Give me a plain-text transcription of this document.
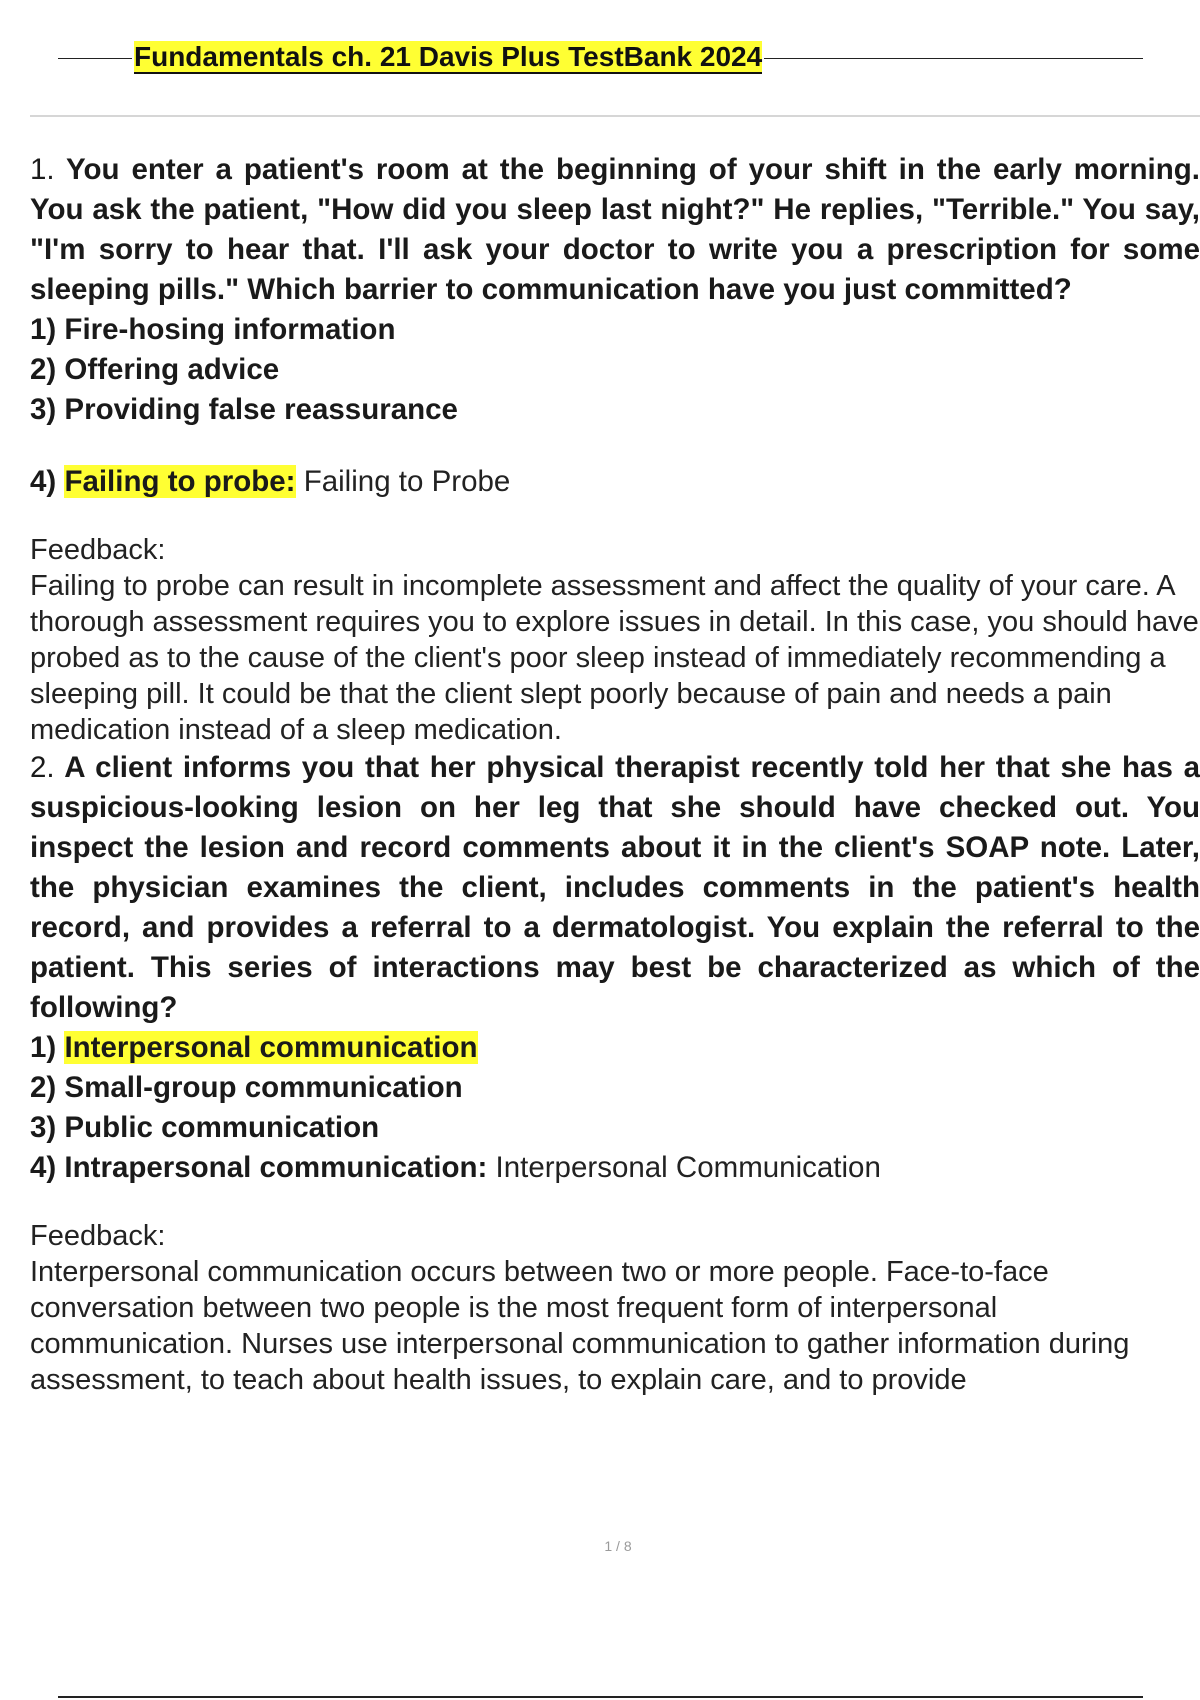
Fundamentals ch. 21 Davis Plus TestBank 2024

1. You enter a patient's room at the beginning of your shift in the early morning. You ask the patient, "How did you sleep last night?" He replies, "Terrible." You say, "I'm sorry to hear that. I'll ask your doctor to write you a prescription for some sleeping pills." Which barrier to communication have you just committed?

1) Fire-hosing information

2) Offering advice

3) Providing false reassurance

4) Failing to probe: Failing to Probe

Feedback:

Failing to probe can result in incomplete assessment and affect the quality of your care. A thorough assessment requires you to explore issues in detail. In this case, you should have probed as to the cause of the client's poor sleep instead of immediately recommending a sleeping pill. It could be that the client slept poorly because of pain and needs a pain medication instead of a sleep medication.

2. A client informs you that her physical therapist recently told her that she has a suspicious-looking lesion on her leg that she should have checked out. You inspect the lesion and record comments about it in the client's SOAP note. Later, the physician examines the client, includes comments in the patient's health record, and provides a referral to a dermatologist. You explain the referral to the patient. This series of interactions may best be characterized as which of the following?

1) Interpersonal communication

2) Small-group communication

3) Public communication

4) Intrapersonal communication: Interpersonal Communication

Feedback:

Interpersonal communication occurs between two or more people. Face-to-face conversation between two people is the most frequent form of interpersonal communication. Nurses use interpersonal communication to gather information during assessment, to teach about health issues, to explain care, and to provide

1 / 8
